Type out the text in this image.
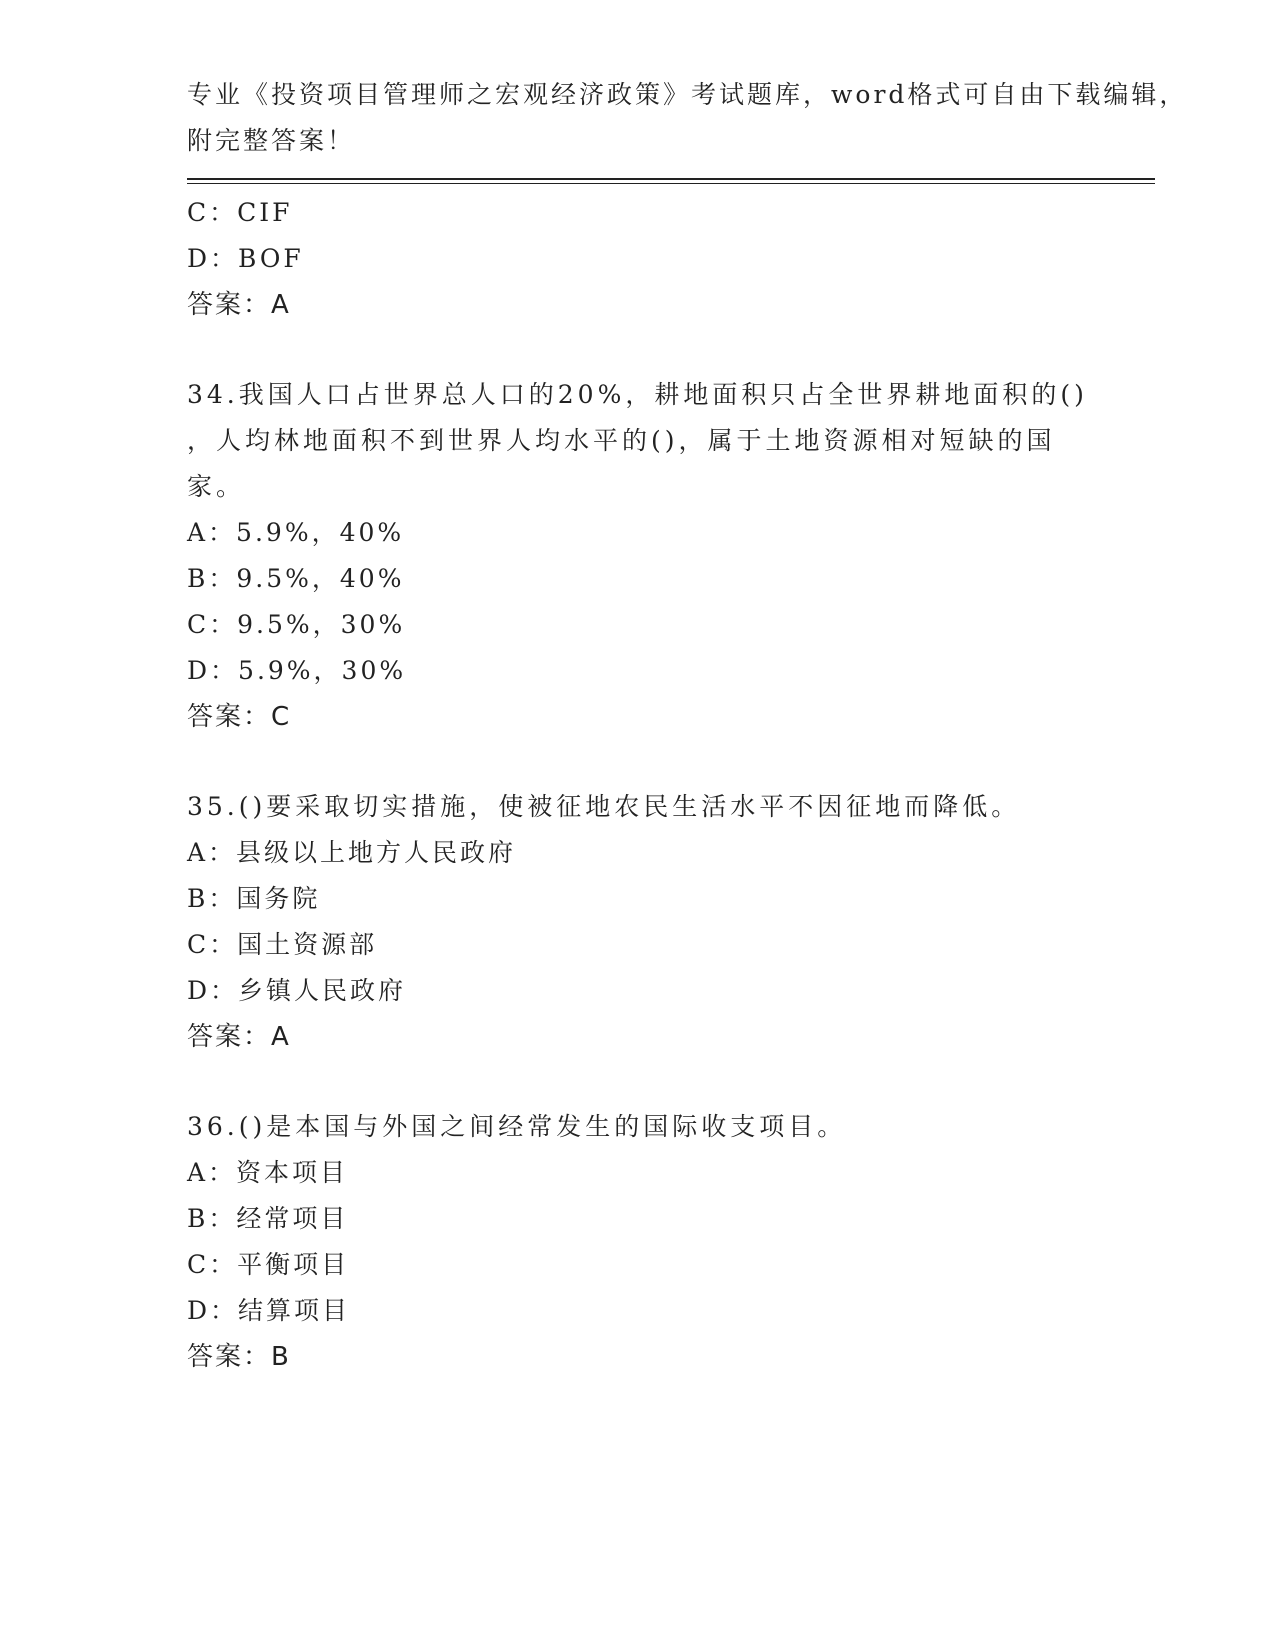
专业《投资项目管理师之宏观经济政策》考试题库，word格式可自由下载编辑，
附完整答案！
C：CIF
D：BOF
答案：A
34.我国人口占世界总人口的20%，耕地面积只占全世界耕地面积的()
，人均林地面积不到世界人均水平的()，属于土地资源相对短缺的国
家。
A：5.9%，40%
B：9.5%，40%
C：9.5%，30%
D：5.9%，30%
答案：C
35.()要采取切实措施，使被征地农民生活水平不因征地而降低。
A：县级以上地方人民政府
B：国务院
C：国土资源部
D：乡镇人民政府
答案：A
36.()是本国与外国之间经常发生的国际收支项目。
A：资本项目
B：经常项目
C：平衡项目
D：结算项目
答案：B
